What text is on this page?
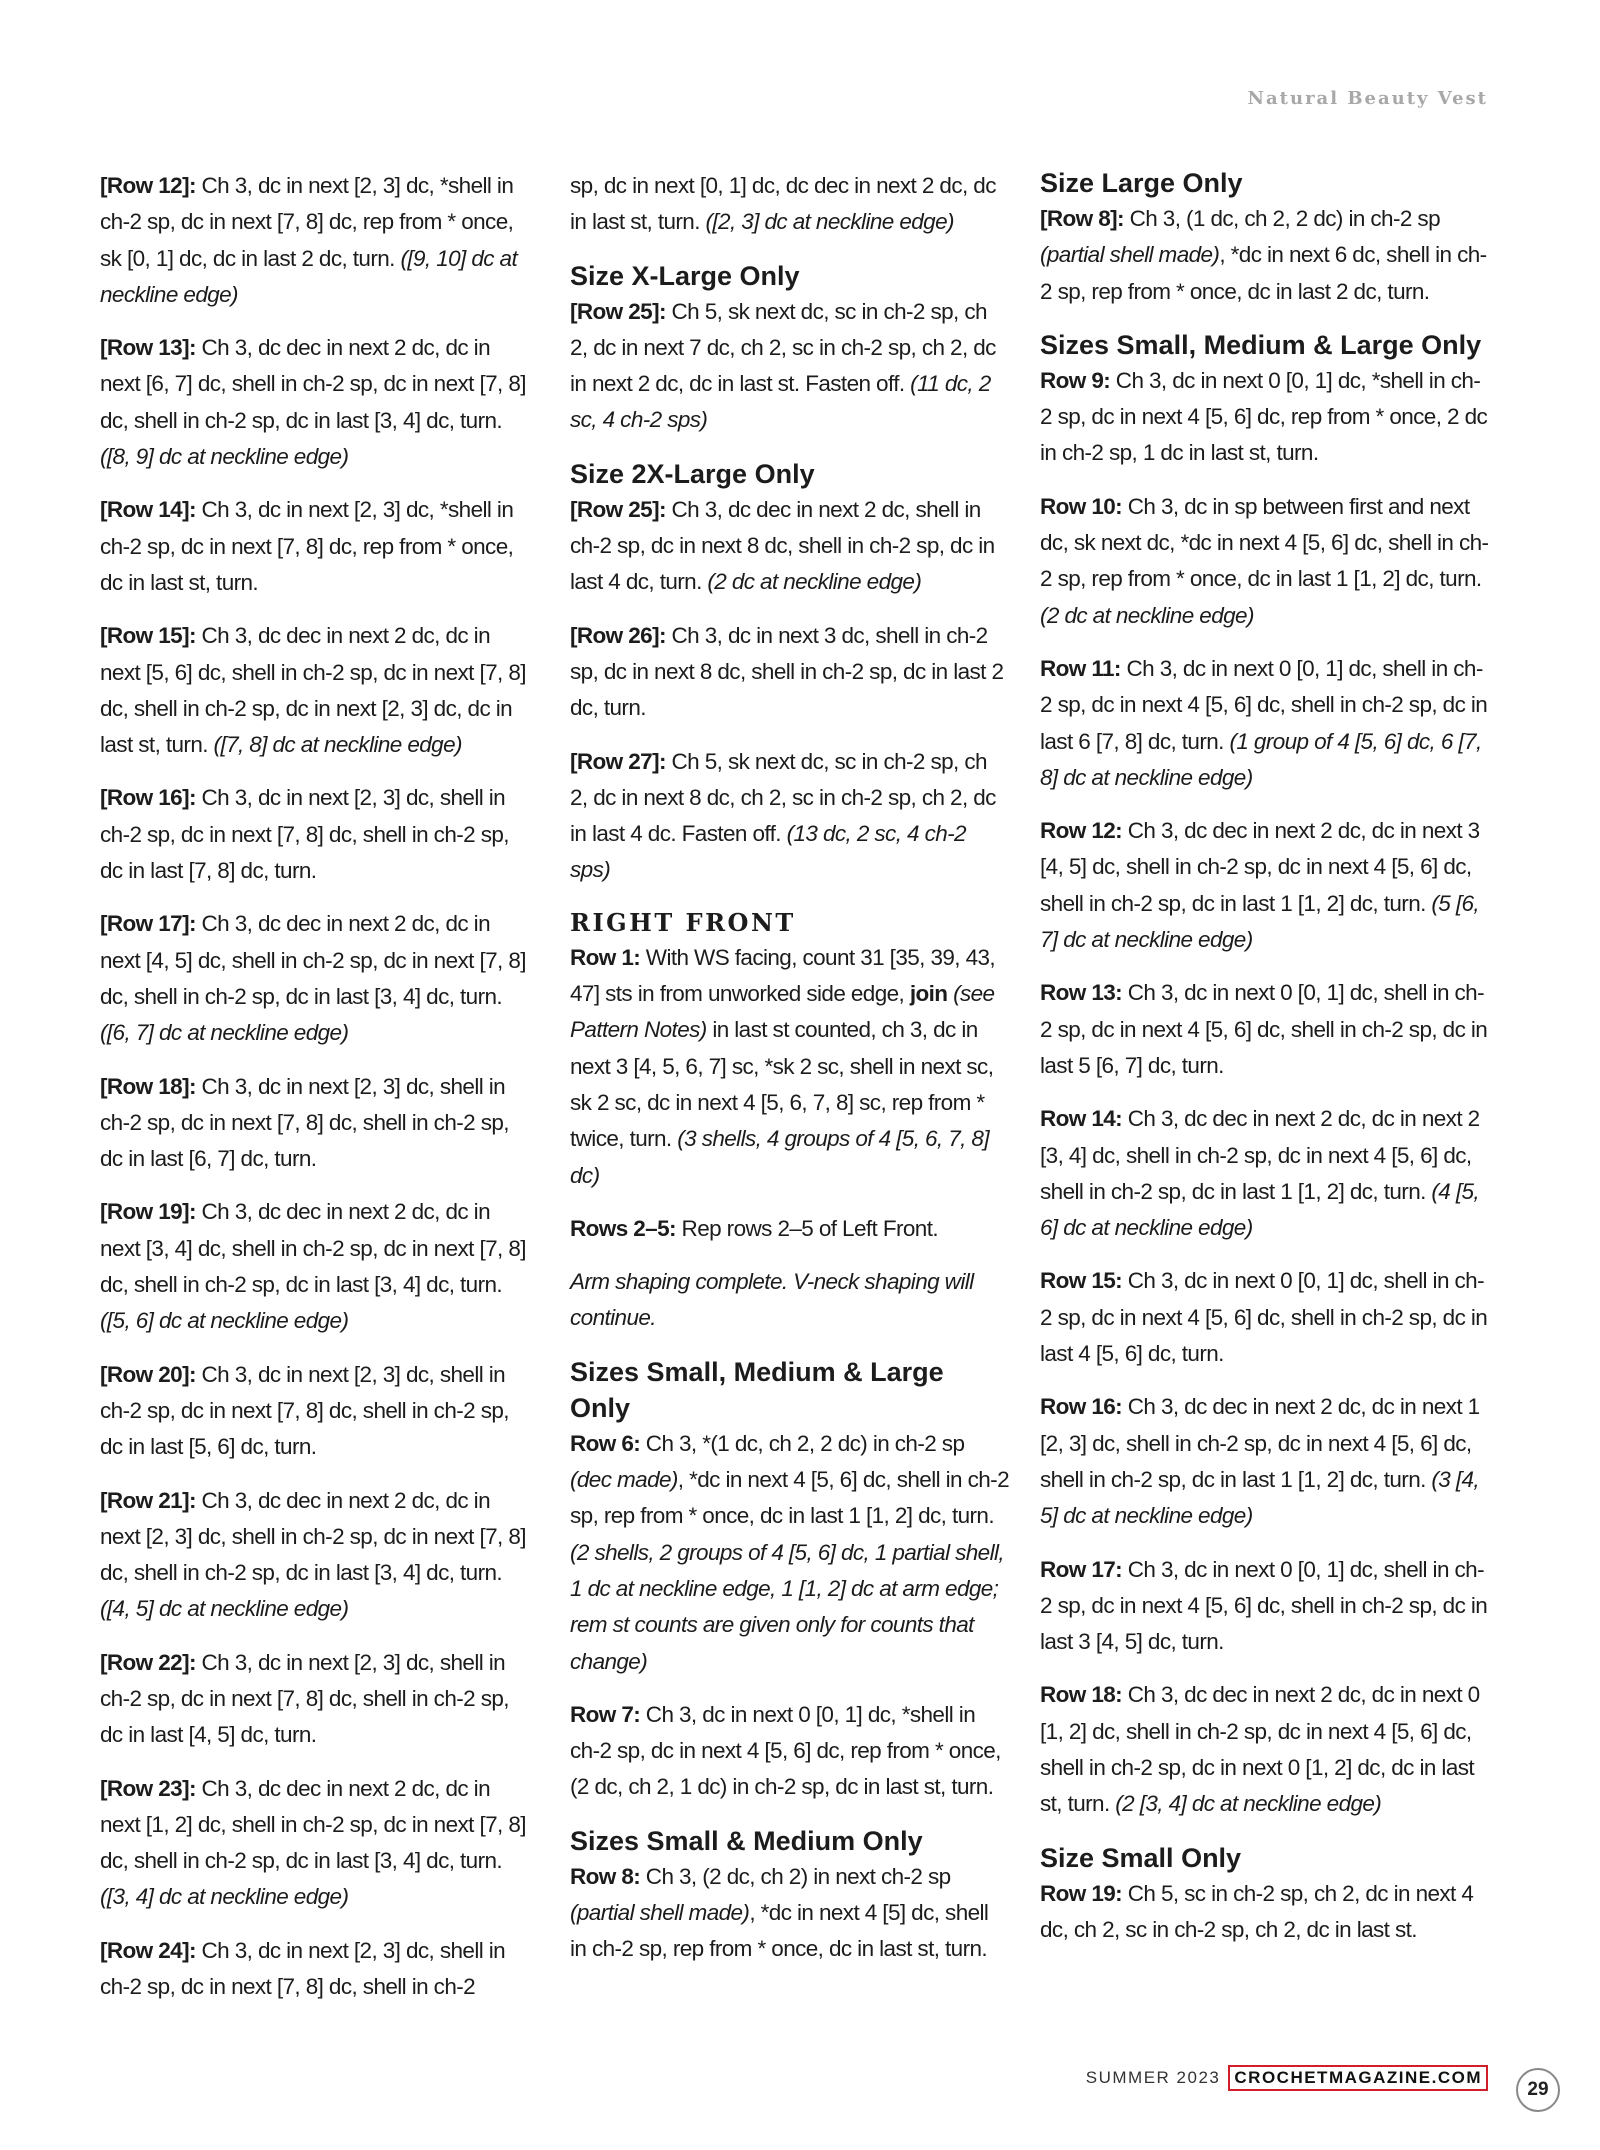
Natural Beauty Vest

[Row 12]: Ch 3, dc in next [2, 3] dc, *shell in ch-2 sp, dc in next [7, 8] dc, rep from * once, sk [0, 1] dc, dc in last 2 dc, turn. ([9, 10] dc at neckline edge)

[Row 13]: Ch 3, dc dec in next 2 dc, dc in next [6, 7] dc, shell in ch-2 sp, dc in next [7, 8] dc, shell in ch-2 sp, dc in last [3, 4] dc, turn. ([8, 9] dc at neckline edge)

[Row 14]: Ch 3, dc in next [2, 3] dc, *shell in ch-2 sp, dc in next [7, 8] dc, rep from * once, dc in last st, turn.

[Row 15]: Ch 3, dc dec in next 2 dc, dc in next [5, 6] dc, shell in ch-2 sp, dc in next [7, 8] dc, shell in ch-2 sp, dc in next [2, 3] dc, dc in last st, turn. ([7, 8] dc at neckline edge)

[Row 16]: Ch 3, dc in next [2, 3] dc, shell in ch-2 sp, dc in next [7, 8] dc, shell in ch-2 sp, dc in last [7, 8] dc, turn.

[Row 17]: Ch 3, dc dec in next 2 dc, dc in next [4, 5] dc, shell in ch-2 sp, dc in next [7, 8] dc, shell in ch-2 sp, dc in last [3, 4] dc, turn. ([6, 7] dc at neckline edge)

[Row 18]: Ch 3, dc in next [2, 3] dc, shell in ch-2 sp, dc in next [7, 8] dc, shell in ch-2 sp, dc in last [6, 7] dc, turn.

[Row 19]: Ch 3, dc dec in next 2 dc, dc in next [3, 4] dc, shell in ch-2 sp, dc in next [7, 8] dc, shell in ch-2 sp, dc in last [3, 4] dc, turn. ([5, 6] dc at neckline edge)

[Row 20]: Ch 3, dc in next [2, 3] dc, shell in ch-2 sp, dc in next [7, 8] dc, shell in ch-2 sp, dc in last [5, 6] dc, turn.

[Row 21]: Ch 3, dc dec in next 2 dc, dc in next [2, 3] dc, shell in ch-2 sp, dc in next [7, 8] dc, shell in ch-2 sp, dc in last [3, 4] dc, turn. ([4, 5] dc at neckline edge)

[Row 22]: Ch 3, dc in next [2, 3] dc, shell in ch-2 sp, dc in next [7, 8] dc, shell in ch-2 sp, dc in last [4, 5] dc, turn.

[Row 23]: Ch 3, dc dec in next 2 dc, dc in next [1, 2] dc, shell in ch-2 sp, dc in next [7, 8] dc, shell in ch-2 sp, dc in last [3, 4] dc, turn. ([3, 4] dc at neckline edge)

[Row 24]: Ch 3, dc in next [2, 3] dc, shell in ch-2 sp, dc in next [7, 8] dc, shell in ch-2

sp, dc in next [0, 1] dc, dc dec in next 2 dc, dc in last st, turn. ([2, 3] dc at neckline edge)

Size X-Large Only

[Row 25]: Ch 5, sk next dc, sc in ch-2 sp, ch 2, dc in next 7 dc, ch 2, sc in ch-2 sp, ch 2, dc in next 2 dc, dc in last st. Fasten off. (11 dc, 2 sc, 4 ch-2 sps)

Size 2X-Large Only

[Row 25]: Ch 3, dc dec in next 2 dc, shell in ch-2 sp, dc in next 8 dc, shell in ch-2 sp, dc in last 4 dc, turn. (2 dc at neckline edge)

[Row 26]: Ch 3, dc in next 3 dc, shell in ch-2 sp, dc in next 8 dc, shell in ch-2 sp, dc in last 2 dc, turn.

[Row 27]: Ch 5, sk next dc, sc in ch-2 sp, ch 2, dc in next 8 dc, ch 2, sc in ch-2 sp, ch 2, dc in last 4 dc. Fasten off. (13 dc, 2 sc, 4 ch-2 sps)

RIGHT FRONT

Row 1: With WS facing, count 31 [35, 39, 43, 47] sts in from unworked side edge, join (see Pattern Notes) in last st counted, ch 3, dc in next 3 [4, 5, 6, 7] sc, *sk 2 sc, shell in next sc, sk 2 sc, dc in next 4 [5, 6, 7, 8] sc, rep from * twice, turn. (3 shells, 4 groups of 4 [5, 6, 7, 8] dc)

Rows 2–5: Rep rows 2–5 of Left Front.

Arm shaping complete. V-neck shaping will continue.

Sizes Small, Medium & Large Only

Row 6: Ch 3, *(1 dc, ch 2, 2 dc) in ch-2 sp (dec made), *dc in next 4 [5, 6] dc, shell in ch-2 sp, rep from * once, dc in last 1 [1, 2] dc, turn. (2 shells, 2 groups of 4 [5, 6] dc, 1 partial shell, 1 dc at neckline edge, 1 [1, 2] dc at arm edge; rem st counts are given only for counts that change)

Row 7: Ch 3, dc in next 0 [0, 1] dc, *shell in ch-2 sp, dc in next 4 [5, 6] dc, rep from * once, (2 dc, ch 2, 1 dc) in ch-2 sp, dc in last st, turn.

Sizes Small & Medium Only

Row 8: Ch 3, (2 dc, ch 2) in next ch-2 sp (partial shell made), *dc in next 4 [5] dc, shell in ch-2 sp, rep from * once, dc in last st, turn.

Size Large Only

[Row 8]: Ch 3, (1 dc, ch 2, 2 dc) in ch-2 sp (partial shell made), *dc in next 6 dc, shell in ch-2 sp, rep from * once, dc in last 2 dc, turn.

Sizes Small, Medium & Large Only

Row 9: Ch 3, dc in next 0 [0, 1] dc, *shell in ch-2 sp, dc in next 4 [5, 6] dc, rep from * once, 2 dc in ch-2 sp, 1 dc in last st, turn.

Row 10: Ch 3, dc in sp between first and next dc, sk next dc, *dc in next 4 [5, 6] dc, shell in ch-2 sp, rep from * once, dc in last 1 [1, 2] dc, turn. (2 dc at neckline edge)

Row 11: Ch 3, dc in next 0 [0, 1] dc, shell in ch-2 sp, dc in next 4 [5, 6] dc, shell in ch-2 sp, dc in last 6 [7, 8] dc, turn. (1 group of 4 [5, 6] dc, 6 [7, 8] dc at neckline edge)

Row 12: Ch 3, dc dec in next 2 dc, dc in next 3 [4, 5] dc, shell in ch-2 sp, dc in next 4 [5, 6] dc, shell in ch-2 sp, dc in last 1 [1, 2] dc, turn. (5 [6, 7] dc at neckline edge)

Row 13: Ch 3, dc in next 0 [0, 1] dc, shell in ch-2 sp, dc in next 4 [5, 6] dc, shell in ch-2 sp, dc in last 5 [6, 7] dc, turn.

Row 14: Ch 3, dc dec in next 2 dc, dc in next 2 [3, 4] dc, shell in ch-2 sp, dc in next 4 [5, 6] dc, shell in ch-2 sp, dc in last 1 [1, 2] dc, turn. (4 [5, 6] dc at neckline edge)

Row 15: Ch 3, dc in next 0 [0, 1] dc, shell in ch-2 sp, dc in next 4 [5, 6] dc, shell in ch-2 sp, dc in last 4 [5, 6] dc, turn.

Row 16: Ch 3, dc dec in next 2 dc, dc in next 1 [2, 3] dc, shell in ch-2 sp, dc in next 4 [5, 6] dc, shell in ch-2 sp, dc in last 1 [1, 2] dc, turn. (3 [4, 5] dc at neckline edge)

Row 17: Ch 3, dc in next 0 [0, 1] dc, shell in ch-2 sp, dc in next 4 [5, 6] dc, shell in ch-2 sp, dc in last 3 [4, 5] dc, turn.

Row 18: Ch 3, dc dec in next 2 dc, dc in next 0 [1, 2] dc, shell in ch-2 sp, dc in next 4 [5, 6] dc, shell in ch-2 sp, dc in next 0 [1, 2] dc, dc in last st, turn. (2 [3, 4] dc at neckline edge)

Size Small Only

Row 19: Ch 5, sc in ch-2 sp, ch 2, dc in next 4 dc, ch 2, sc in ch-2 sp, ch 2, dc in last st.

SUMMER 2023 CROCHETMAGAZINE.COM
29
